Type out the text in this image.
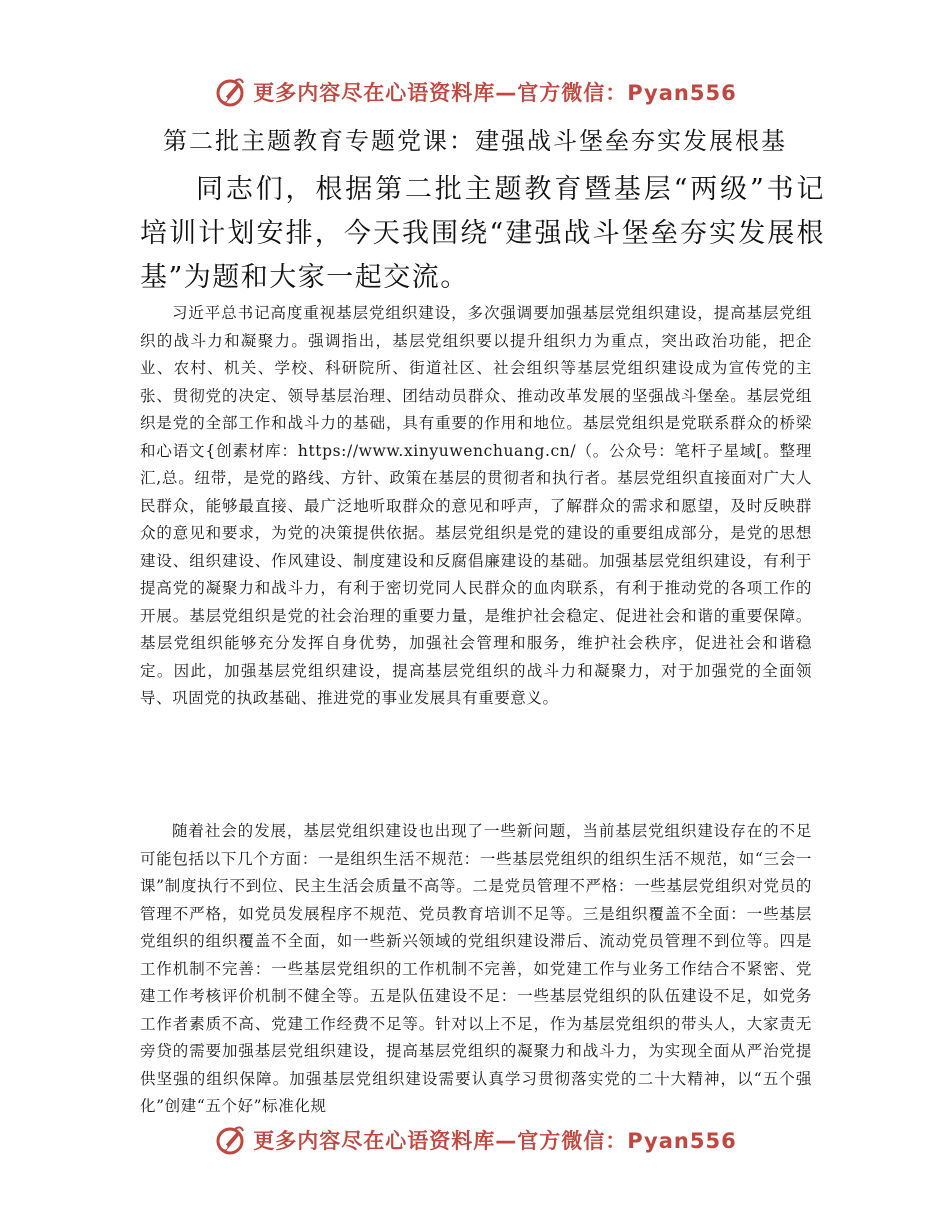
更多内容尽在心语资料库—官方微信：Pyan556
第二批主题教育专题党课：建强战斗堡垒夯实发展根基

同志们，根据第二批主题教育暨基层“两级”书记培训计划安排，今天我围绕“建强战斗堡垒夯实发展根基”为题和大家一起交流。

习近平总书记高度重视基层党组织建设，多次强调要加强基层党组织建设，提高基层党组织的战斗力和凝聚力。强调指出，基层党组织要以提升组织力为重点，突出政治功能，把企业、农村、机关、学校、科研院所、街道社区、社会组织等基层党组织建设成为宣传党的主张、贯彻党的决定、领导基层治理、团结动员群众、推动改革发展的坚强战斗堡垒。基层党组织是党的全部工作和战斗力的基础，具有重要的作用和地位。基层党组织是党联系群众的桥梁和心语文{创素材库：https://www.xinyuwenchuang.cn/（。公众号：笔杆子星域[。整理汇,总。纽带，是党的路线、方针、政策在基层的贯彻者和执行者。基层党组织直接面对广大人民群众，能够最直接、最广泛地听取群众的意见和呼声，了解群众的需求和愿望，及时反映群众的意见和要求，为党的决策提供依据。基层党组织是党的建设的重要组成部分，是党的思想建设、组织建设、作风建设、制度建设和反腐倡廉建设的基础。加强基层党组织建设，有利于提高党的凝聚力和战斗力，有利于密切党同人民群众的血肉联系，有利于推动党的各项工作的开展。基层党组织是党的社会治理的重要力量，是维护社会稳定、促进社会和谐的重要保障。基层党组织能够充分发挥自身优势，加强社会管理和服务，维护社会秩序，促进社会和谐稳定。因此，加强基层党组织建设，提高基层党组织的战斗力和凝聚力，对于加强党的全面领导、巩固党的执政基础、推进党的事业发展具有重要意义。

随着社会的发展，基层党组织建设也出现了一些新问题，当前基层党组织建设存在的不足可能包括以下几个方面：一是组织生活不规范：一些基层党组织的组织生活不规范，如“三会一课”制度执行不到位、民主生活会质量不高等。二是党员管理不严格：一些基层党组织对党员的管理不严格，如党员发展程序不规范、党员教育培训不足等。三是组织覆盖不全面：一些基层党组织的组织覆盖不全面，如一些新兴领域的党组织建设滞后、流动党员管理不到位等。四是工作机制不完善：一些基层党组织的工作机制不完善，如党建工作与业务工作结合不紧密、党建工作考核评价机制不健全等。五是队伍建设不足：一些基层党组织的队伍建设不足，如党务工作者素质不高、党建工作经费不足等。针对以上不足，作为基层党组织的带头人，大家责无旁贷的需要加强基层党组织建设，提高基层党组织的凝聚力和战斗力，为实现全面从严治党提供坚强的组织保障。加强基层党组织建设需要认真学习贯彻落实党的二十大精神，以“五个强化”创建“五个好”标准化规

更多内容尽在心语资料库—官方微信：Pyan556
